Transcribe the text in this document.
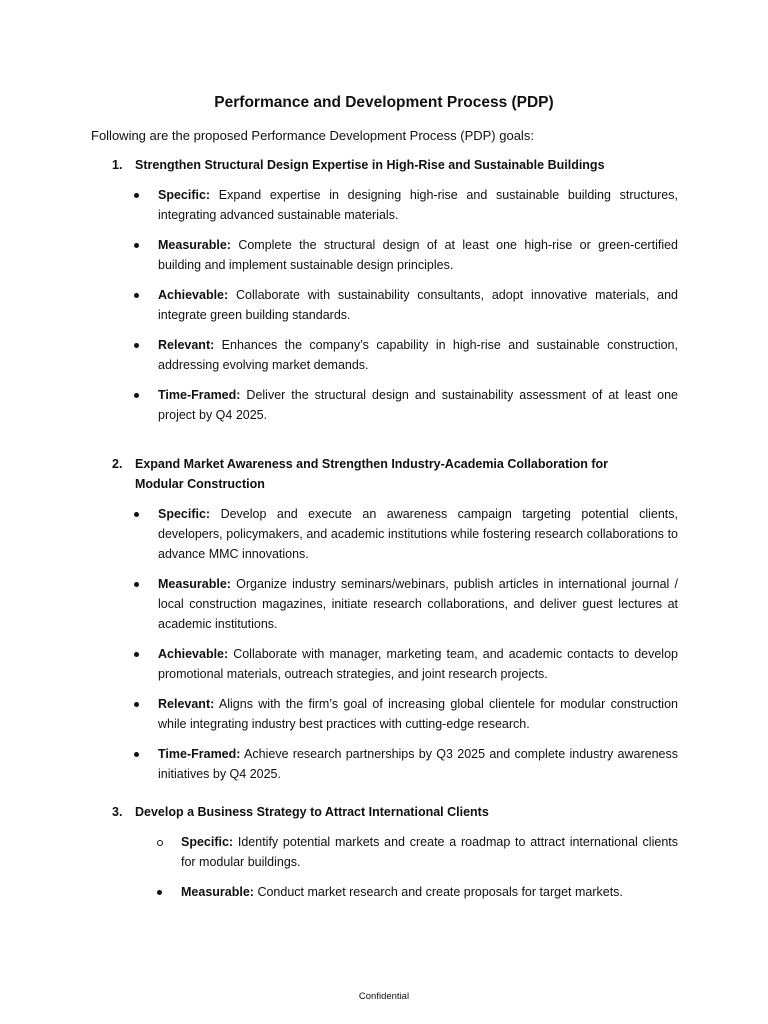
Performance and Development Process (PDP)
Following are the proposed Performance Development Process (PDP) goals:
1. Strengthen Structural Design Expertise in High-Rise and Sustainable Buildings
Specific: Expand expertise in designing high-rise and sustainable building structures, integrating advanced sustainable materials.
Measurable: Complete the structural design of at least one high-rise or green-certified building and implement sustainable design principles.
Achievable: Collaborate with sustainability consultants, adopt innovative materials, and integrate green building standards.
Relevant: Enhances the company’s capability in high-rise and sustainable construction, addressing evolving market demands.
Time-Framed: Deliver the structural design and sustainability assessment of at least one project by Q4 2025.
2. Expand Market Awareness and Strengthen Industry-Academia Collaboration for Modular Construction
Specific: Develop and execute an awareness campaign targeting potential clients, developers, policymakers, and academic institutions while fostering research collaborations to advance MMC innovations.
Measurable: Organize industry seminars/webinars, publish articles in international journal / local construction magazines, initiate research collaborations, and deliver guest lectures at academic institutions.
Achievable: Collaborate with manager, marketing team, and academic contacts to develop promotional materials, outreach strategies, and joint research projects.
Relevant: Aligns with the firm’s goal of increasing global clientele for modular construction while integrating industry best practices with cutting-edge research.
Time-Framed: Achieve research partnerships by Q3 2025 and complete industry awareness initiatives by Q4 2025.
3. Develop a Business Strategy to Attract International Clients
Specific: Identify potential markets and create a roadmap to attract international clients for modular buildings.
Measurable: Conduct market research and create proposals for target markets.
Confidential
